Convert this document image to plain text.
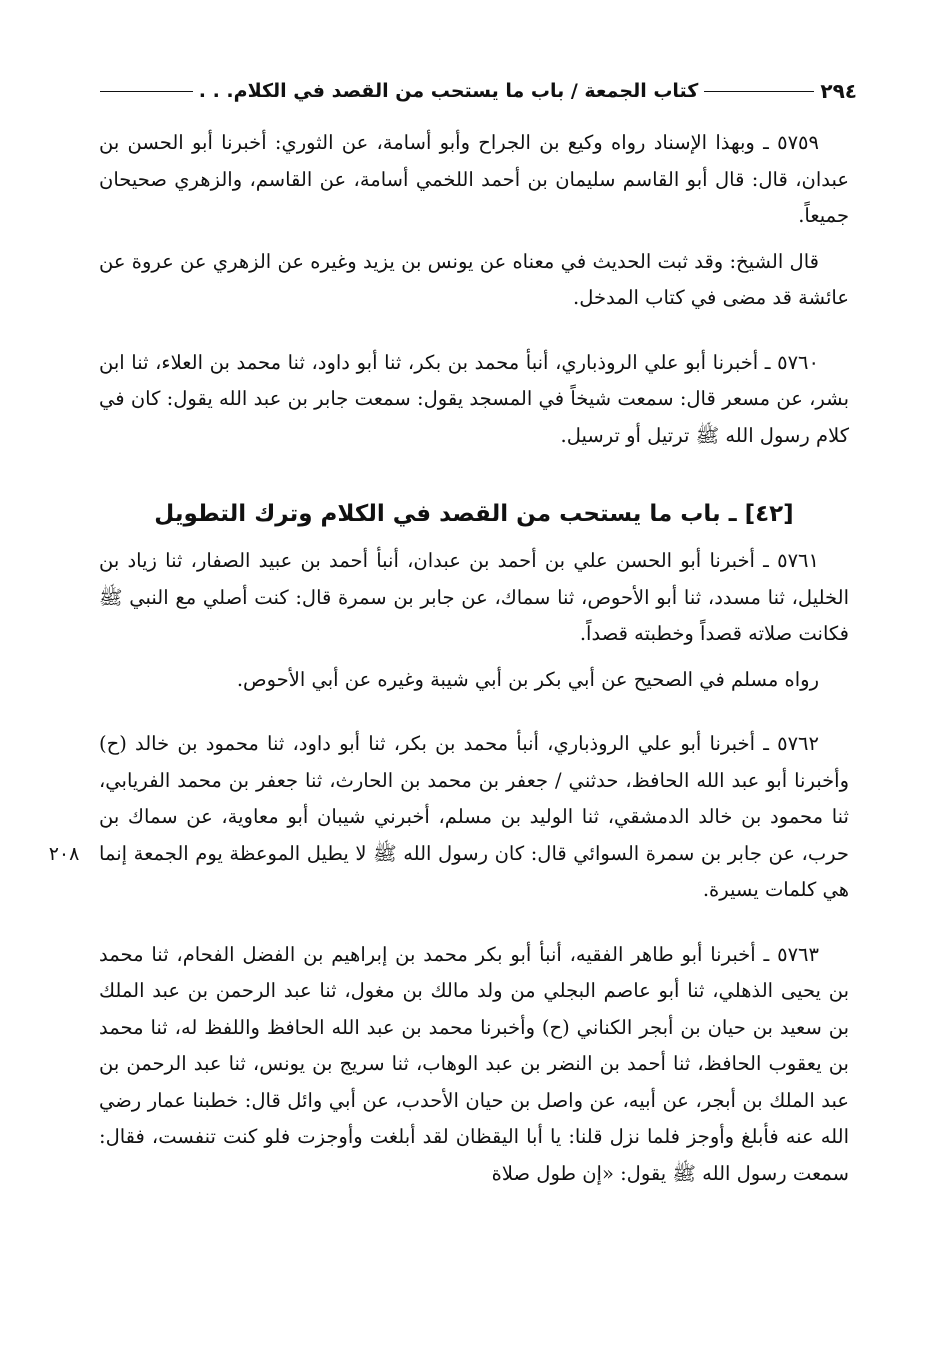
٢٩٤
كتاب الجمعة / باب ما يستحب من القصد في الكلام. . .
٢٠٨

٥٧٥٩ ـ وبهذا الإسناد رواه وكيع بن الجراح وأبو أسامة، عن الثوري: أخبرنا أبو الحسن بن عبدان، قال: قال أبو القاسم سليمان بن أحمد اللخمي أسامة، عن القاسم، والزهري صحيحان جميعاً.

قال الشيخ: وقد ثبت الحديث في معناه عن يونس بن يزيد وغيره عن الزهري عن عروة عن عائشة قد مضى في كتاب المدخل.

٥٧٦٠ ـ أخبرنا أبو علي الروذباري، أنبأ محمد بن بكر، ثنا أبو داود، ثنا محمد بن العلاء، ثنا ابن بشر، عن مسعر قال: سمعت شيخاً في المسجد يقول: سمعت جابر بن عبد الله يقول: كان في كلام رسول الله ﷺ ترتيل أو ترسيل.

[٤٢] ـ باب ما يستحب من القصد في الكلام وترك التطويل

٥٧٦١ ـ أخبرنا أبو الحسن علي بن أحمد بن عبدان، أنبأ أحمد بن عبيد الصفار، ثنا زياد بن الخليل، ثنا مسدد، ثنا أبو الأحوص، ثنا سماك، عن جابر بن سمرة قال: كنت أصلي مع النبي ﷺ فكانت صلاته قصداً وخطبته قصداً.

رواه مسلم في الصحيح عن أبي بكر بن أبي شيبة وغيره عن أبي الأحوص.

٥٧٦٢ ـ أخبرنا أبو علي الروذباري، أنبأ محمد بن بكر، ثنا أبو داود، ثنا محمود بن خالد (ح) وأخبرنا أبو عبد الله الحافظ، حدثني / جعفر بن محمد بن الحارث، ثنا جعفر بن محمد الفريابي، ثنا محمود بن خالد الدمشقي، ثنا الوليد بن مسلم، أخبرني شيبان أبو معاوية، عن سماك بن حرب، عن جابر بن سمرة السوائي قال: كان رسول الله ﷺ لا يطيل الموعظة يوم الجمعة إنما هي كلمات يسيرة.

٥٧٦٣ ـ أخبرنا أبو طاهر الفقيه، أنبأ أبو بكر محمد بن إبراهيم بن الفضل الفحام، ثنا محمد بن يحيى الذهلي، ثنا أبو عاصم البجلي من ولد مالك بن مغول، ثنا عبد الرحمن بن عبد الملك بن سعيد بن حيان بن أبجر الكناني (ح) وأخبرنا محمد بن عبد الله الحافظ واللفظ له، ثنا محمد بن يعقوب الحافظ، ثنا أحمد بن النضر بن عبد الوهاب، ثنا سريج بن يونس، ثنا عبد الرحمن بن عبد الملك بن أبجر، عن أبيه، عن واصل بن حيان الأحدب، عن أبي وائل قال: خطبنا عمار رضي الله عنه فأبلغ وأوجز فلما نزل قلنا: يا أبا اليقظان لقد أبلغت وأوجزت فلو كنت تنفست، فقال: سمعت رسول الله ﷺ يقول: «إن طول صلاة
